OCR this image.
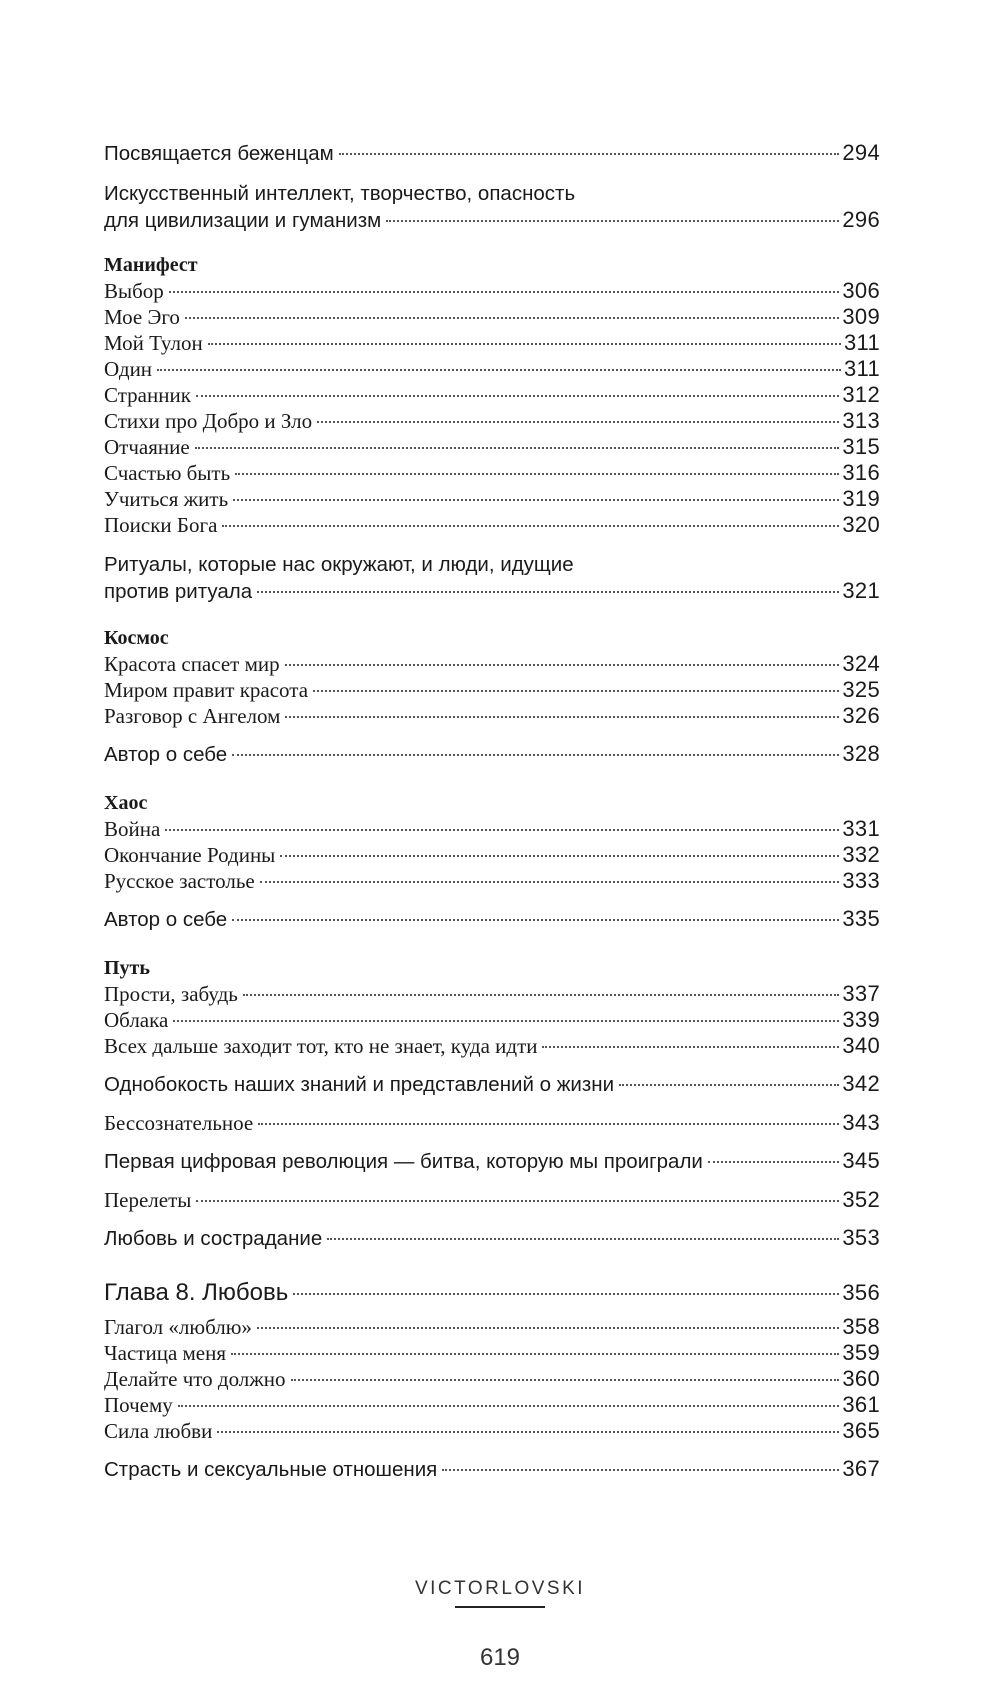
Посвящается беженцам	294
Искусственный интеллект, творчество, опасность
для цивилизации и гуманизм	296
Манифест
Выбор	306
Мое Эго	309
Мой Тулон	311
Один	311
Странник	312
Стихи про Добро и Зло	313
Отчаяние	315
Счастью быть	316
Учиться жить	319
Поиски Бога	320
Ритуалы, которые нас окружают, и люди, идущие
против ритуала	321
Космос
Красота спасет мир	324
Миром правит красота	325
Разговор с Ангелом	326
Автор о себе	328
Хаос
Война	331
Окончание Родины	332
Русское застолье	333
Автор о себе	335
Путь
Прости, забудь	337
Облака	339
Всех дальше заходит тот, кто не знает, куда идти	340
Однобокость наших знаний и представлений о жизни	342
Бессознательное	343
Первая цифровая революция — битва, которую мы проиграли	345
Перелеты	352
Любовь и сострадание	353
Глава 8. Любовь	356
Глагол «люблю»	358
Частица меня	359
Делайте что должно	360
Почему	361
Сила любви	365
Страсть и сексуальные отношения	367
VICTORLOVSKI
619
